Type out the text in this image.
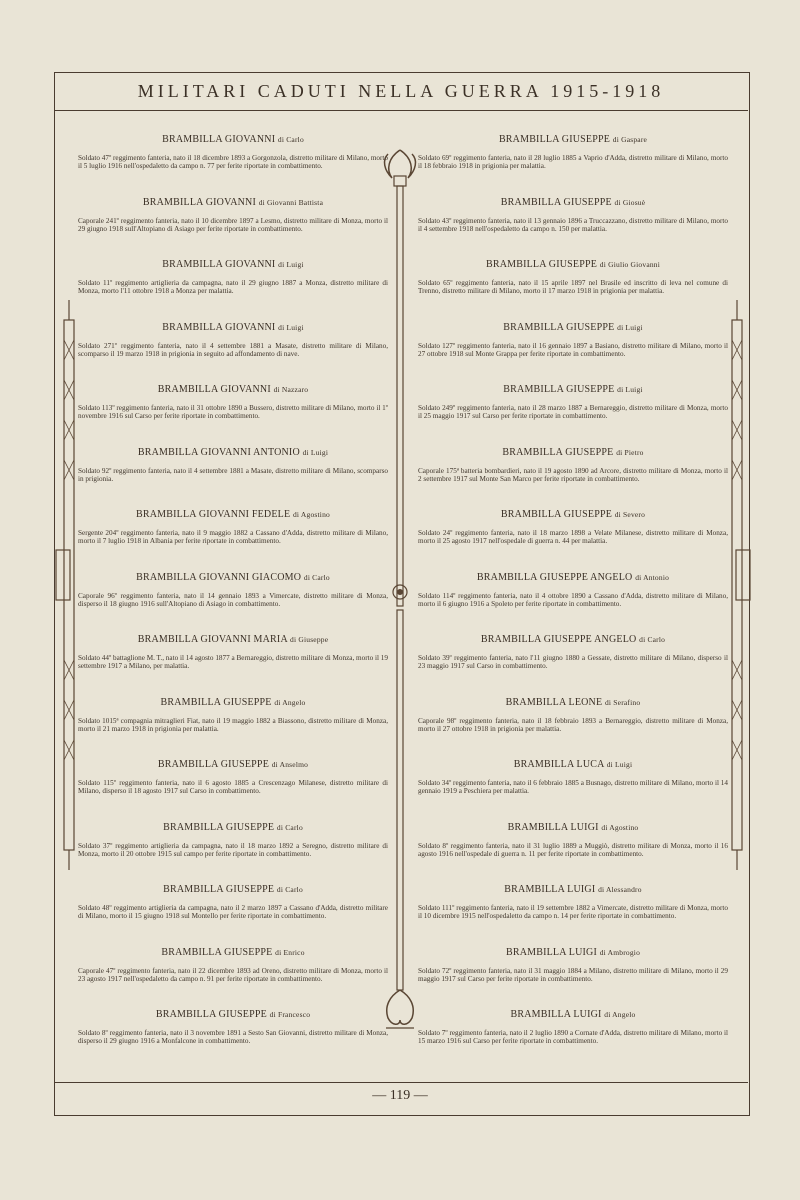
MILITARI CADUTI NELLA GUERRA 1915-1918
BRAMBILLA GIOVANNI di Carlo
Soldato 47º reggimento fanteria, nato il 18 dicembre 1893 a Gorgonzola, distretto militare di Milano, morto il 5 luglio 1916 nell'ospedaletto da campo n. 77 per ferite riportate in combattimento.
BRAMBILLA GIOVANNI di Giovanni Battista
Caporale 241º reggimento fanteria, nato il 10 dicembre 1897 a Lesmo, distretto militare di Monza, morto il 29 giugno 1918 sull'Altopiano di Asiago per ferite riportate in combattimento.
BRAMBILLA GIOVANNI di Luigi
Soldato 11º reggimento artiglieria da campagna, nato il 29 giugno 1887 a Monza, distretto militare di Monza, morto l'11 ottobre 1918 a Monza per malattia.
BRAMBILLA GIOVANNI di Luigi
Soldato 271º reggimento fanteria, nato il 4 settembre 1881 a Masate, distretto militare di Milano, scomparso il 19 marzo 1918 in prigionia in seguito ad affondamento di nave.
BRAMBILLA GIOVANNI di Nazzaro
Soldato 113º reggimento fanteria, nato il 31 ottobre 1890 a Bussero, distretto militare di Milano, morto il 1º novembre 1916 sul Carso per ferite riportate in combattimento.
BRAMBILLA GIOVANNI ANTONIO di Luigi
Soldato 92º reggimento fanteria, nato il 4 settembre 1881 a Masate, distretto militare di Milano, scomparso in prigionia.
BRAMBILLA GIOVANNI FEDELE di Agostino
Sergente 204º reggimento fanteria, nato il 9 maggio 1882 a Cassano d'Adda, distretto militare di Milano, morto il 7 luglio 1918 in Albania per ferite riportate in combattimento.
BRAMBILLA GIOVANNI GIACOMO di Carlo
Caporale 96º reggimento fanteria, nato il 14 gennaio 1893 a Vimercate, distretto militare di Monza, disperso il 18 giugno 1916 sull'Altopiano di Asiago in combattimento.
BRAMBILLA GIOVANNI MARIA di Giuseppe
Soldato 44º battaglione M. T., nato il 14 agosto 1877 a Bernareggio, distretto militare di Monza, morto il 19 settembre 1917 a Milano, per malattia.
BRAMBILLA GIUSEPPE di Angelo
Soldato 1015ª compagnia mitraglieri Fiat, nato il 19 maggio 1882 a Biassono, distretto militare di Monza, morto il 21 marzo 1918 in prigionia per malattia.
BRAMBILLA GIUSEPPE di Anselmo
Soldato 115º reggimento fanteria, nato il 6 agosto 1885 a Crescenzago Milanese, distretto militare di Milano, disperso il 18 agosto 1917 sul Carso in combattimento.
BRAMBILLA GIUSEPPE di Carlo
Soldato 37º reggimento artiglieria da campagna, nato il 18 marzo 1892 a Seregno, distretto militare di Monza, morto il 20 ottobre 1915 sul campo per ferite riportate in combattimento.
BRAMBILLA GIUSEPPE di Carlo
Soldato 48º reggimento artiglieria da campagna, nato il 2 marzo 1897 a Cassano d'Adda, distretto militare di Milano, morto il 15 giugno 1918 sul Montello per ferite riportate in combattimento.
BRAMBILLA GIUSEPPE di Enrico
Caporale 47º reggimento fanteria, nato il 22 dicembre 1893 ad Oreno, distretto militare di Monza, morto il 23 agosto 1917 nell'ospedaletto da campo n. 91 per ferite riportate in combattimento.
BRAMBILLA GIUSEPPE di Francesco
Soldato 8º reggimento fanteria, nato il 3 novembre 1891 a Sesto San Giovanni, distretto militare di Monza, disperso il 29 giugno 1916 a Monfalcone in combattimento.
BRAMBILLA GIUSEPPE di Gaspare
Soldato 69º reggimento fanteria, nato il 28 luglio 1885 a Vaprio d'Adda, distretto militare di Milano, morto il 18 febbraio 1918 in prigionia per malattia.
BRAMBILLA GIUSEPPE di Giosuè
Soldato 43º reggimento fanteria, nato il 13 gennaio 1896 a Truccazzano, distretto militare di Milano, morto il 4 settembre 1918 nell'ospedaletto da campo n. 150 per malattia.
BRAMBILLA GIUSEPPE di Giulio Giovanni
Soldato 65º reggimento fanteria, nato il 15 aprile 1897 nel Brasile ed inscritto di leva nel comune di Trenno, distretto militare di Milano, morto il 17 marzo 1918 in prigionia per malattia.
BRAMBILLA GIUSEPPE di Luigi
Soldato 127º reggimento fanteria, nato il 16 gennaio 1897 a Basiano, distretto militare di Milano, morto il 27 ottobre 1918 sul Monte Grappa per ferite riportate in combattimento.
BRAMBILLA GIUSEPPE di Luigi
Soldato 249º reggimento fanteria, nato il 28 marzo 1887 a Bernareggio, distretto militare di Monza, morto il 25 maggio 1917 sul Carso per ferite riportate in combattimento.
BRAMBILLA GIUSEPPE di Pietro
Caporale 175ª batteria bombardieri, nato il 19 agosto 1890 ad Arcore, distretto militare di Monza, morto il 2 settembre 1917 sul Monte San Marco per ferite riportate in combattimento.
BRAMBILLA GIUSEPPE di Severo
Soldato 24º reggimento fanteria, nato il 18 marzo 1898 a Velate Milanese, distretto militare di Monza, morto il 25 agosto 1917 nell'ospedale di guerra n. 44 per malattia.
BRAMBILLA GIUSEPPE ANGELO di Antonio
Soldato 114º reggimento fanteria, nato il 4 ottobre 1890 a Cassano d'Adda, distretto militare di Milano, morto il 6 giugno 1916 a Spoleto per ferite riportate in combattimento.
BRAMBILLA GIUSEPPE ANGELO di Carlo
Soldato 39º reggimento fanteria, nato l'11 giugno 1880 a Gessate, distretto militare di Milano, disperso il 23 maggio 1917 sul Carso in combattimento.
BRAMBILLA LEONE di Serafino
Caporale 98º reggimento fanteria, nato il 18 febbraio 1893 a Bernareggio, distretto militare di Monza, morto il 27 ottobre 1918 in prigionia per malattia.
BRAMBILLA LUCA di Luigi
Soldato 34º reggimento fanteria, nato il 6 febbraio 1885 a Busnago, distretto militare di Milano, morto il 14 gennaio 1919 a Peschiera per malattia.
BRAMBILLA LUIGI di Agostino
Soldato 8º reggimento fanteria, nato il 31 luglio 1889 a Muggiò, distretto militare di Monza, morto il 16 agosto 1916 nell'ospedale di guerra n. 11 per ferite riportate in combattimento.
BRAMBILLA LUIGI di Alessandro
Soldato 111º reggimento fanteria, nato il 19 settembre 1882 a Vimercate, distretto militare di Monza, morto il 10 dicembre 1915 nell'ospedaletto da campo n. 14 per ferite riportate in combattimento.
BRAMBILLA LUIGI di Ambrogio
Soldato 72º reggimento fanteria, nato il 31 maggio 1884 a Milano, distretto militare di Milano, morto il 29 maggio 1917 sul Carso per ferite riportate in combattimento.
BRAMBILLA LUIGI di Angelo
Soldato 7º reggimento fanteria, nato il 2 luglio 1890 a Cornate d'Adda, distretto militare di Milano, morto il 15 marzo 1916 sul Carso per ferite riportate in combattimento.
— 119 —
